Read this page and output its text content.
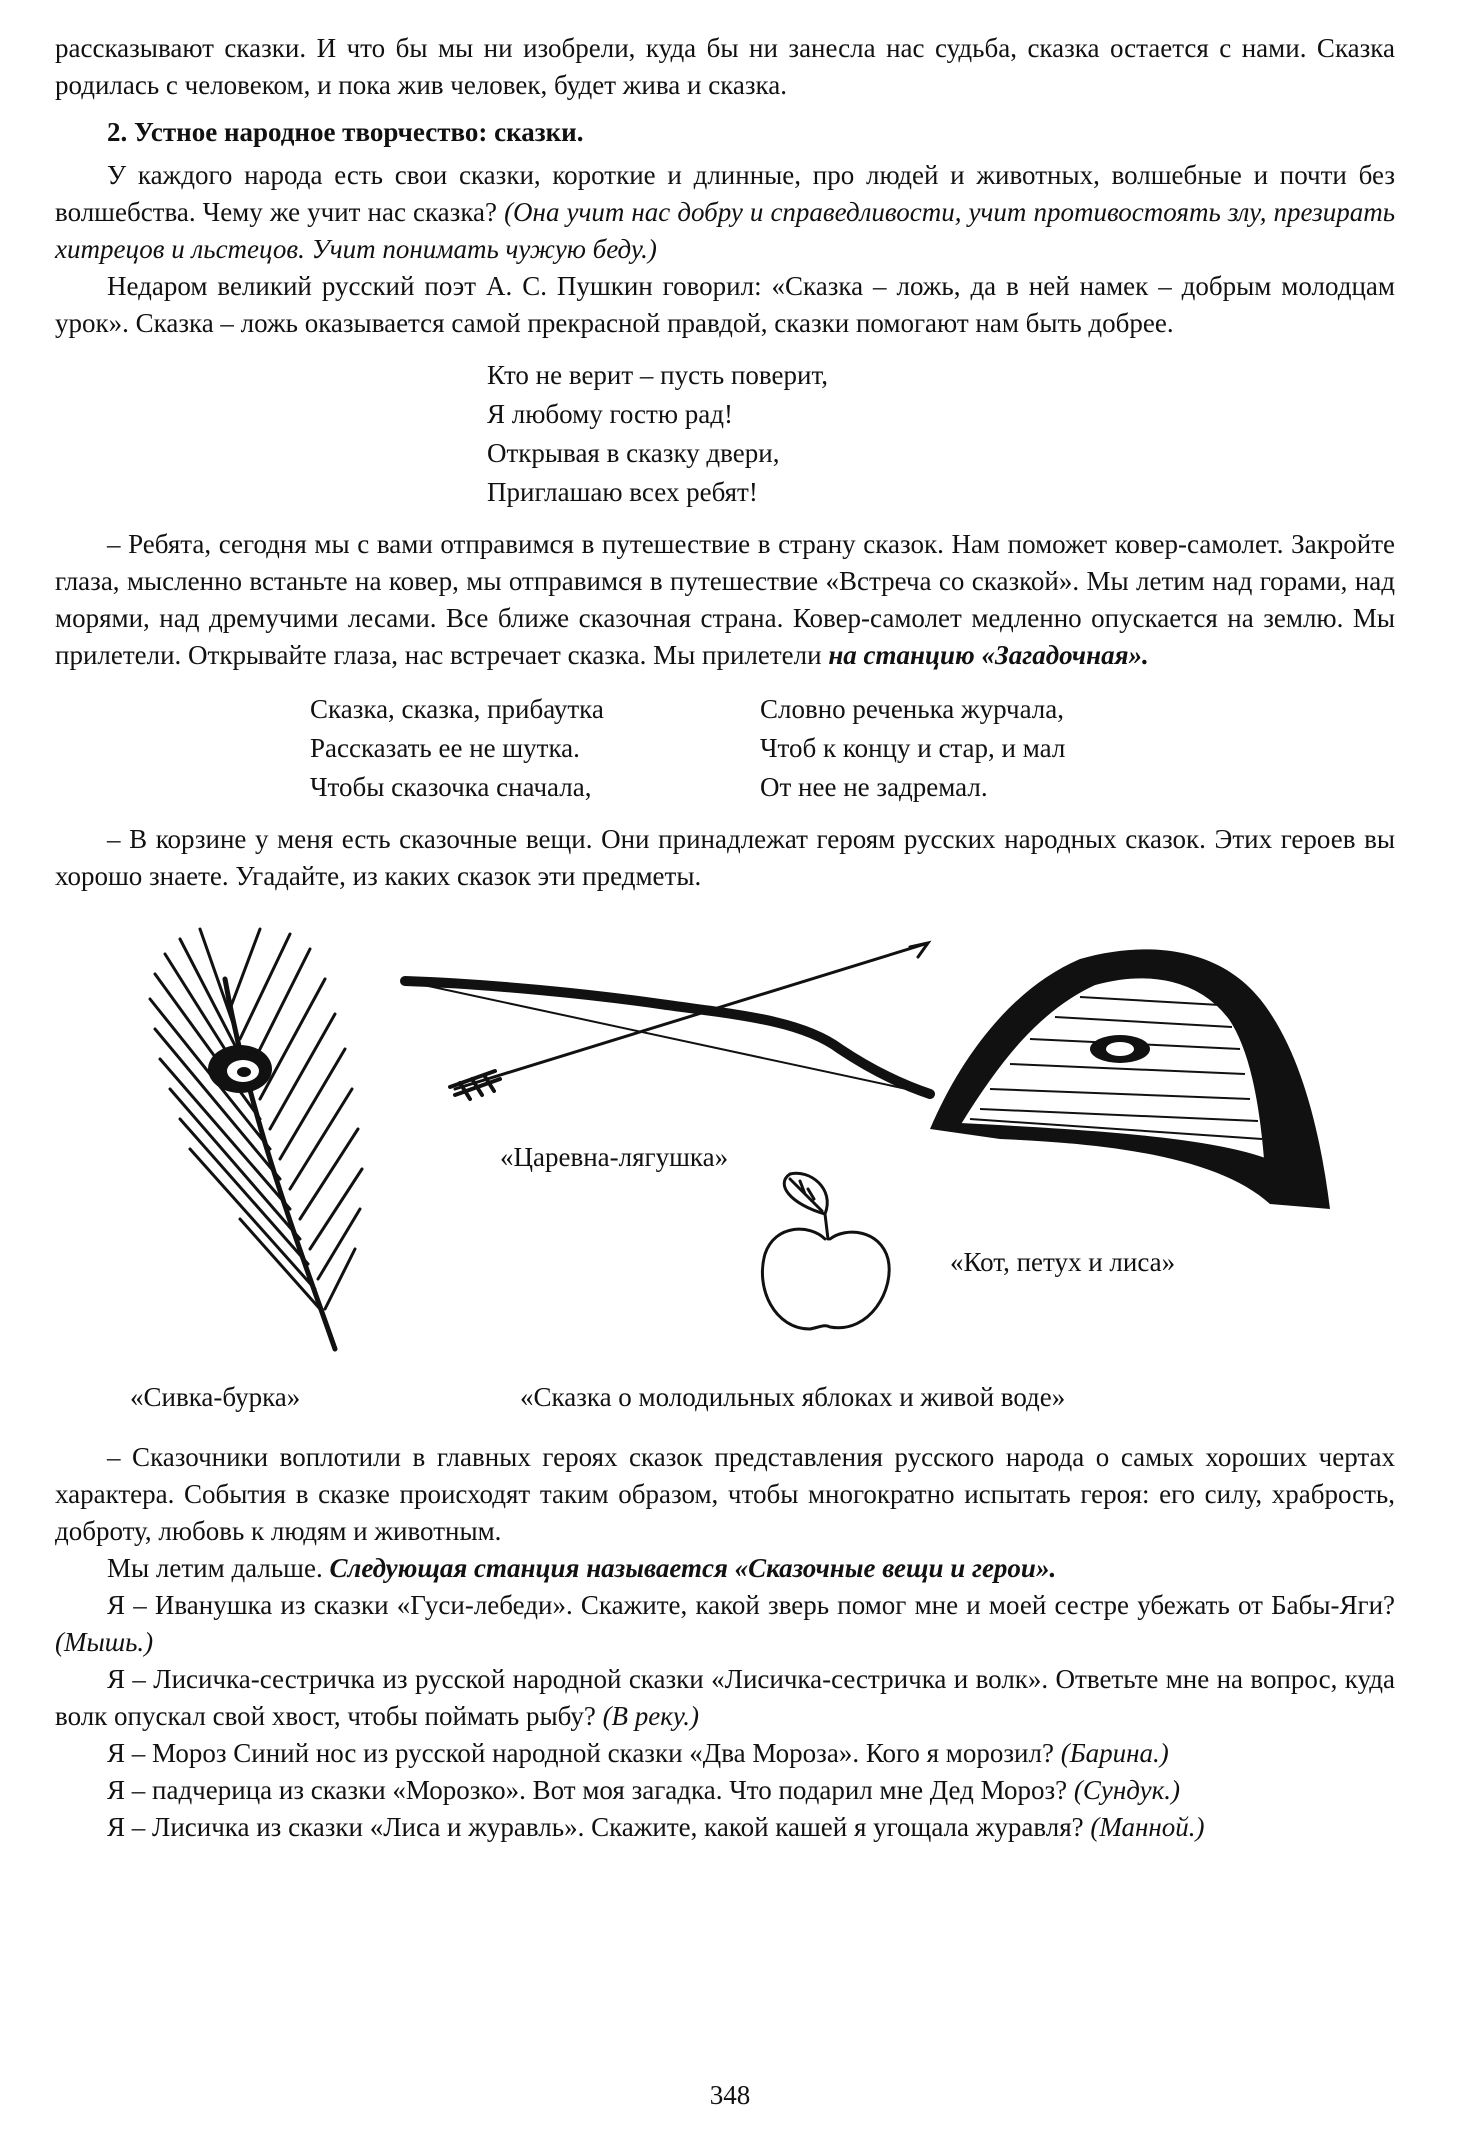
рассказывают сказки. И что бы мы ни изобрели, куда бы ни занесла нас судьба, сказка остается с нами. Сказка родилась с человеком, и пока жив человек, будет жива и сказка.

2. Устное народное творчество: сказки.

У каждого народа есть свои сказки, короткие и длинные, про людей и животных, волшебные и почти без волшебства. Чему же учит нас сказка? (Она учит нас добру и справедливости, учит противостоять злу, презирать хитрецов и льстецов. Учит понимать чужую беду.)

Недаром великий русский поэт А. С. Пушкин говорил: «Сказка – ложь, да в ней намек – добрым молодцам урок». Сказка – ложь оказывается самой прекрасной правдой, сказки помогают нам быть добрее.

Кто не верит – пусть поверит,
Я любому гостю рад!
Открывая в сказку двери,
Приглашаю всех ребят!

– Ребята, сегодня мы с вами отправимся в путешествие в страну сказок. Нам поможет ковер-самолет. Закройте глаза, мысленно встаньте на ковер, мы отправимся в путешествие «Встреча со сказкой». Мы летим над горами, над морями, над дремучими лесами. Все ближе сказочная страна. Ковер-самолет медленно опускается на землю. Мы прилетели. Открывайте глаза, нас встречает сказка. Мы прилетели на станцию «Загадочная».

Сказка, сказка, прибаутка
Рассказать ее не шутка.
Чтобы сказочка сначала,
Словно реченька журчала,
Чтоб к концу и стар, и мал
От нее не задремал.

– В корзине у меня есть сказочные вещи. Они принадлежат героям русских народных сказок. Этих героев вы хорошо знаете. Угадайте, из каких сказок эти предметы.

«Царевна-лягушка»
«Кот, петух и лиса»
«Сивка-бурка»	«Сказка о молодильных яблоках и живой воде»

– Сказочники воплотили в главных героях сказок представления русского народа о самых хороших чертах характера. События в сказке происходят таким образом, чтобы многократно испытать героя: его силу, храбрость, доброту, любовь к людям и животным.

Мы летим дальше. Следующая станция называется «Сказочные вещи и герои».

Я – Иванушка из сказки «Гуси-лебеди». Скажите, какой зверь помог мне и моей сестре убежать от Бабы-Яги? (Мышь.)

Я – Лисичка-сестричка из русской народной сказки «Лисичка-сестричка и волк». Ответьте мне на вопрос, куда волк опускал свой хвост, чтобы поймать рыбу? (В реку.)

Я – Мороз Синий нос из русской народной сказки «Два Мороза». Кого я морозил? (Барина.)

Я – падчерица из сказки «Морозко». Вот моя загадка. Что подарил мне Дед Мороз? (Сундук.)

Я – Лисичка из сказки «Лиса и журавль». Скажите, какой кашей я угощала журавля? (Манной.)

348
